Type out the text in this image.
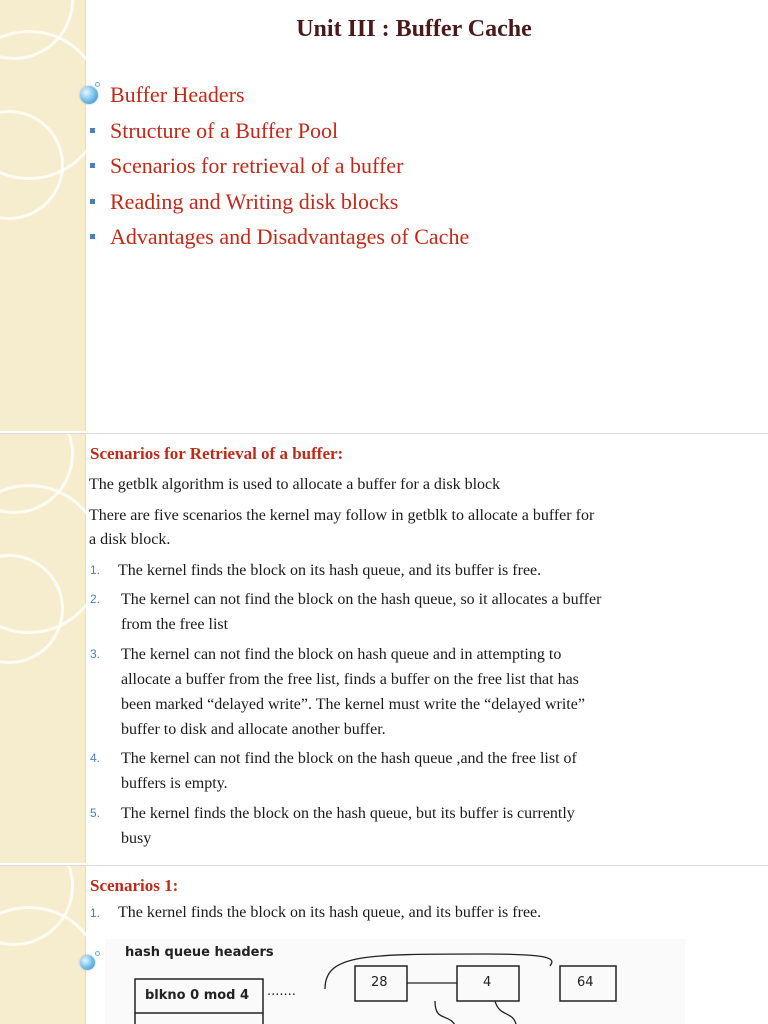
Unit III : Buffer Cache
Buffer Headers
Structure of a Buffer Pool
Scenarios for retrieval of a buffer
Reading and Writing disk blocks
Advantages and Disadvantages of Cache
Scenarios for Retrieval of a buffer:
The getblk algorithm is used to allocate a buffer for a disk block
There are five scenarios the kernel may follow in getblk to allocate a buffer for
a disk block.
1. The kernel finds the block on its hash queue, and its buffer is free.
2. The kernel can not find the block on the hash queue, so it allocates a buffer
from the free list
3. The kernel can not find the block on hash queue and in attempting to
allocate a buffer from the free list, finds a buffer on the free list that has
been marked “delayed write”. The kernel must write the “delayed write”
buffer to disk and allocate another buffer.
4. The kernel can not find the block on the hash queue ,and the free list of
buffers is empty.
5. The kernel finds the block on the hash queue, but its buffer is currently
busy
Scenarios 1:
1. The kernel finds the block on its hash queue, and its buffer is free.
hash queue headers
blkno 0 mod 4 ·······
28	4	64
